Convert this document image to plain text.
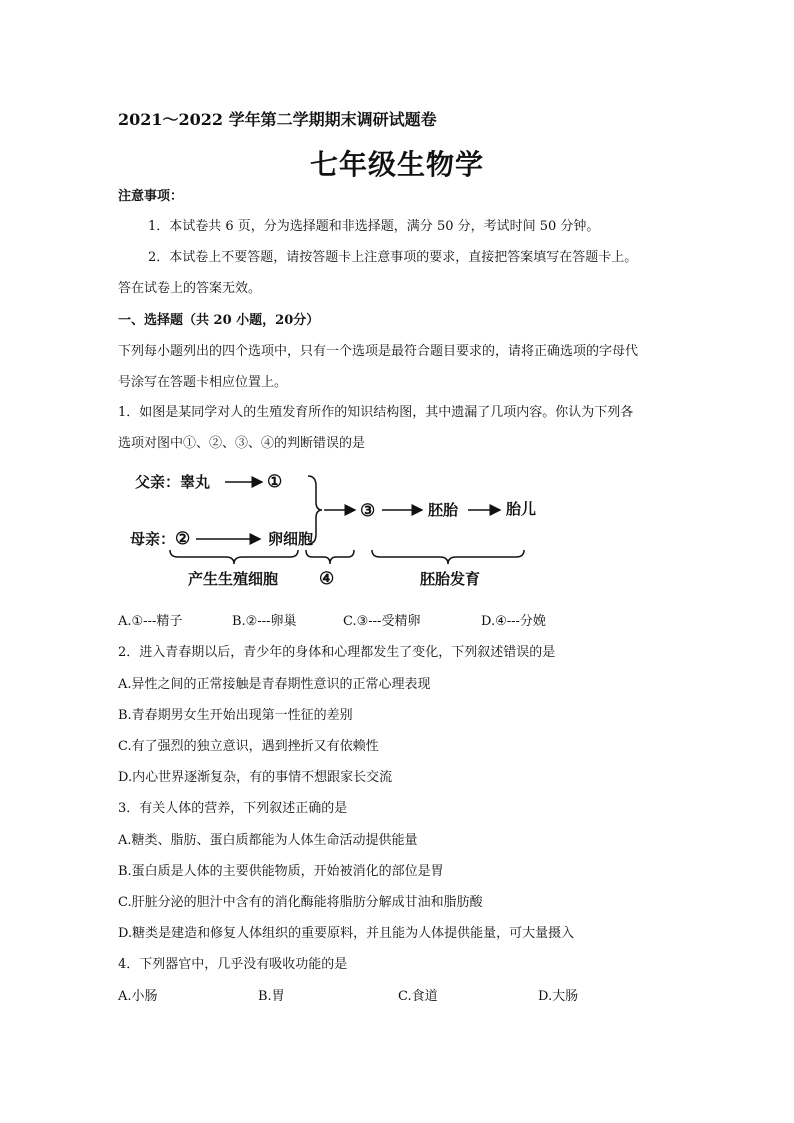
2021～2022 学年第二学期期末调研试题卷
七年级生物学
注意事项：
1．本试卷共 6 页，分为选择题和非选择题，满分 50 分，考试时间 50 分钟。
2．本试卷上不要答题，请按答题卡上注意事项的要求，直接把答案填写在答题卡上。
答在试卷上的答案无效。
一、选择题（共 20 小题，20分）
下列每小题列出的四个选项中，只有一个选项是最符合题目要求的，请将正确选项的字母代
号涂写在答题卡相应位置上。
1．如图是某同学对人的生殖发育所作的知识结构图，其中遗漏了几项内容。你认为下列各
选项对图中①、②、③、④的判断错误的是
父亲：睾丸	①
母亲： ②	卵细胞
③	胚胎	胎儿
产生生殖细胞 ④	胚胎发育
A.①---精子	B.②---卵巢	C.③---受精卵	D.④---分娩
2．进入青春期以后，青少年的身体和心理都发生了变化，下列叙述错误的是
A.异性之间的正常接触是青春期性意识的正常心理表现
B.青春期男女生开始出现第一性征的差别
C.有了强烈的独立意识，遇到挫折又有依赖性
D.内心世界逐渐复杂，有的事情不想跟家长交流
3．有关人体的营养，下列叙述正确的是
A.糖类、脂肪、蛋白质都能为人体生命活动提供能量
B.蛋白质是人体的主要供能物质，开始被消化的部位是胃
C.肝脏分泌的胆汁中含有的消化酶能将脂肪分解成甘油和脂肪酸
D.糖类是建造和修复人体组织的重要原料，并且能为人体提供能量，可大量摄入
4．下列器官中，几乎没有吸收功能的是
A.小肠	B.胃	C.食道	D.大肠
